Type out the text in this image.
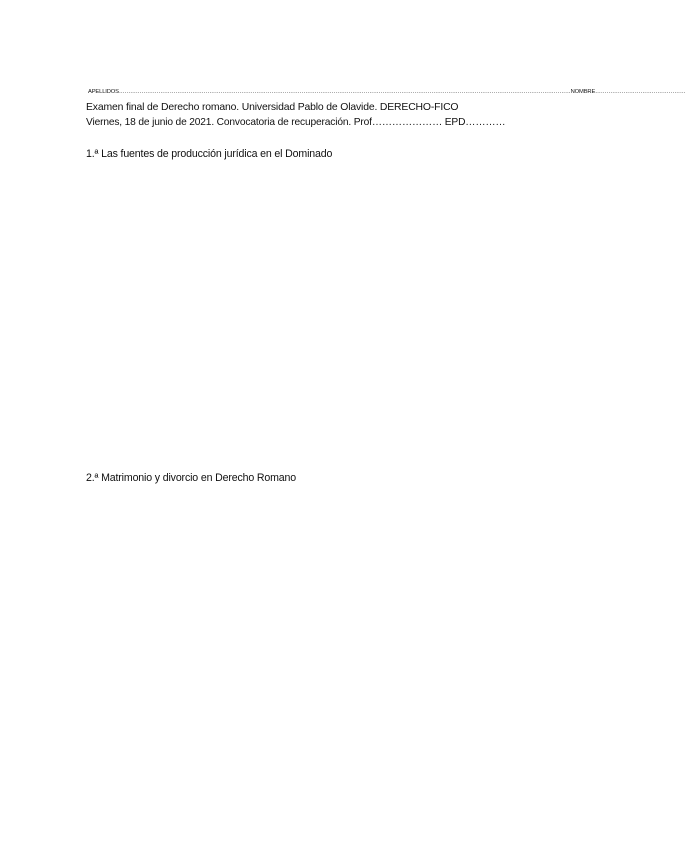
APELLIDOS……………………………………………………………………………………………………………………………………………………………………………………………………………………NOMBRE…………………………………………
Examen final de Derecho romano. Universidad Pablo de Olavide. DERECHO-FICO
Viernes, 18 de junio de 2021. Convocatoria de recuperación. Prof………………… EPD…………
1.ª Las fuentes de producción jurídica en el Dominado
2.ª Matrimonio y divorcio en Derecho Romano
